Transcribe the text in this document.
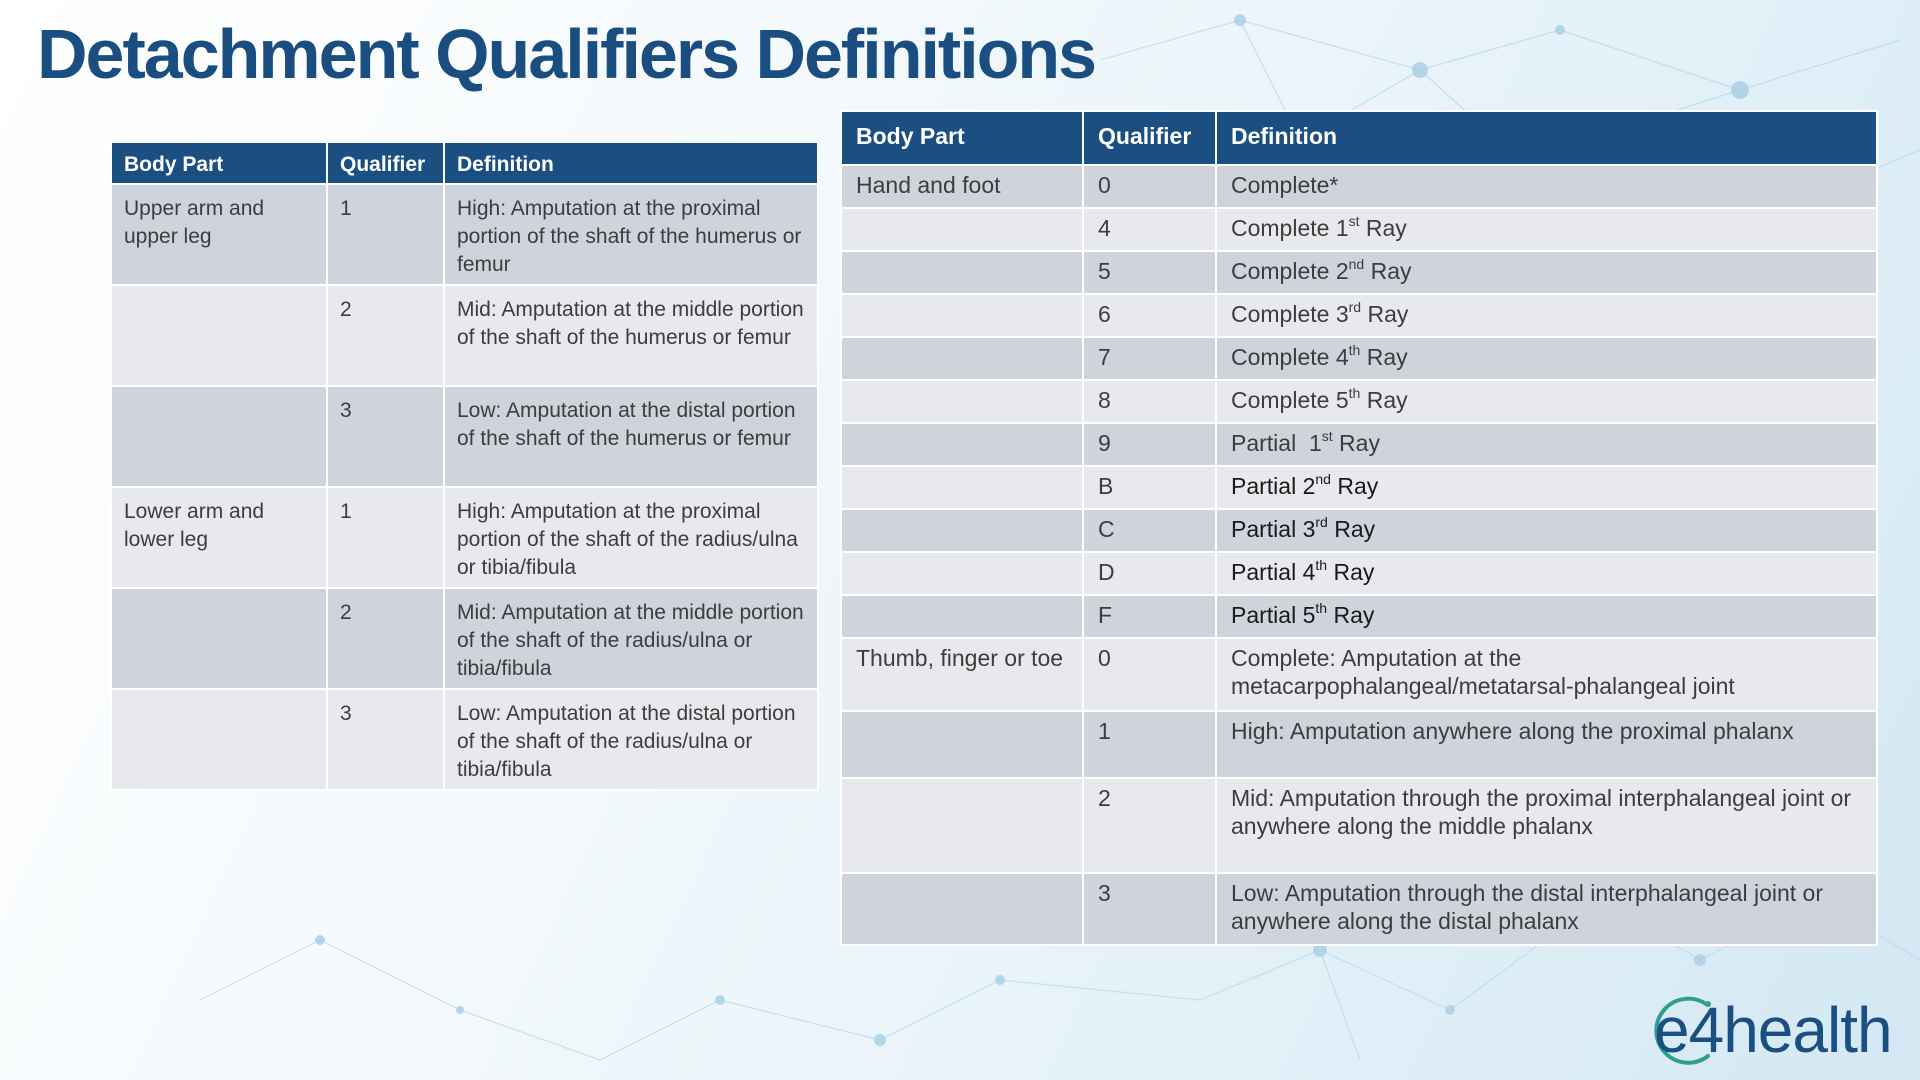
Detachment Qualifiers Definitions
Body Part	Qualifier	Definition
Upper arm and upper leg	1	High: Amputation at the proximal portion of the shaft of the humerus or femur
	2	Mid: Amputation at the middle portion of the shaft of the humerus or femur
	3	Low: Amputation at the distal portion of the shaft of the humerus or femur
Lower arm and lower leg	1	High: Amputation at the proximal portion of the shaft of the radius/ulna or tibia/fibula
	2	Mid: Amputation at the middle portion of the shaft of the radius/ulna or tibia/fibula
	3	Low: Amputation at the distal portion of the shaft of the radius/ulna or tibia/fibula
Body Part	Qualifier	Definition
Hand and foot	0	Complete*
	4	Complete 1st Ray
	5	Complete 2nd Ray
	6	Complete 3rd Ray
	7	Complete 4th Ray
	8	Complete 5th Ray
	9	Partial  1st Ray
	B	Partial 2nd Ray
	C	Partial 3rd Ray
	D	Partial 4th Ray
	F	Partial 5th Ray
Thumb, finger or toe	0	Complete: Amputation at the metacarpophalangeal/metatarsal-phalangeal joint
	1	High: Amputation anywhere along the proximal phalanx
	2	Mid: Amputation through the proximal interphalangeal joint or anywhere along the middle phalanx
	3	Low: Amputation through the distal interphalangeal joint or anywhere along the distal phalanx
e4health
